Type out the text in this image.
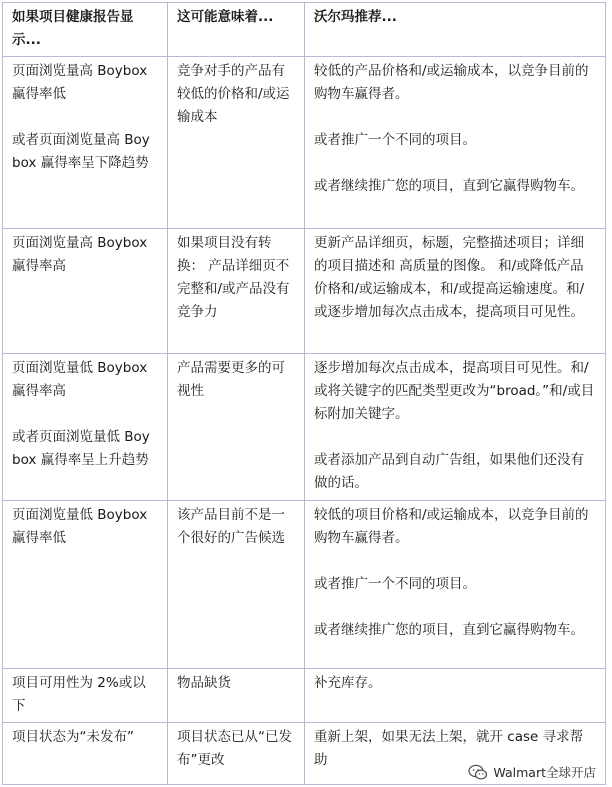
如果项目健康报告显示...	这可能意味着...	沃尔玛推荐...

页面浏览量高 Boybox 赢得率低
或者页面浏览量高 Boybox 赢得率呈下降趋势	竞争对手的产品有较低的价格和/或运输成本	较低的产品价格和/或运输成本，以竞争目前的购物车赢得者。
或者推广一个不同的项目。
或者继续推广您的项目，直到它赢得购物车。

页面浏览量高 Boybox 赢得率高	如果项目没有转换： 产品详细页不完整和/或产品没有竞争力	更新产品详细页，标题，完整描述项目；详细的项目描述和 高质量的图像。 和/或降低产品价格和/或运输成本，和/或提高运输速度。和/或逐步增加每次点击成本，提高项目可见性。

页面浏览量低 Boybox 赢得率高
或者页面浏览量低 Boybox 赢得率呈上升趋势	产品需要更多的可视性	逐步增加每次点击成本，提高项目可见性。和/或将关键字的匹配类型更改为“broad。”和/或目标附加关键字。
或者添加产品到自动广告组，如果他们还没有做的话。

页面浏览量低 Boybox 赢得率低	该产品目前不是一个很好的广告候选	较低的项目价格和/或运输成本，以竞争目前的购物车赢得者。
或者推广一个不同的项目。
或者继续推广您的项目，直到它赢得购物车。

项目可用性为 2%或以下	物品缺货	补充库存。

项目状态为“未发布”	项目状态已从“已发布”更改	重新上架，如果无法上架，就开 case 寻求帮助
Walmart全球开店
